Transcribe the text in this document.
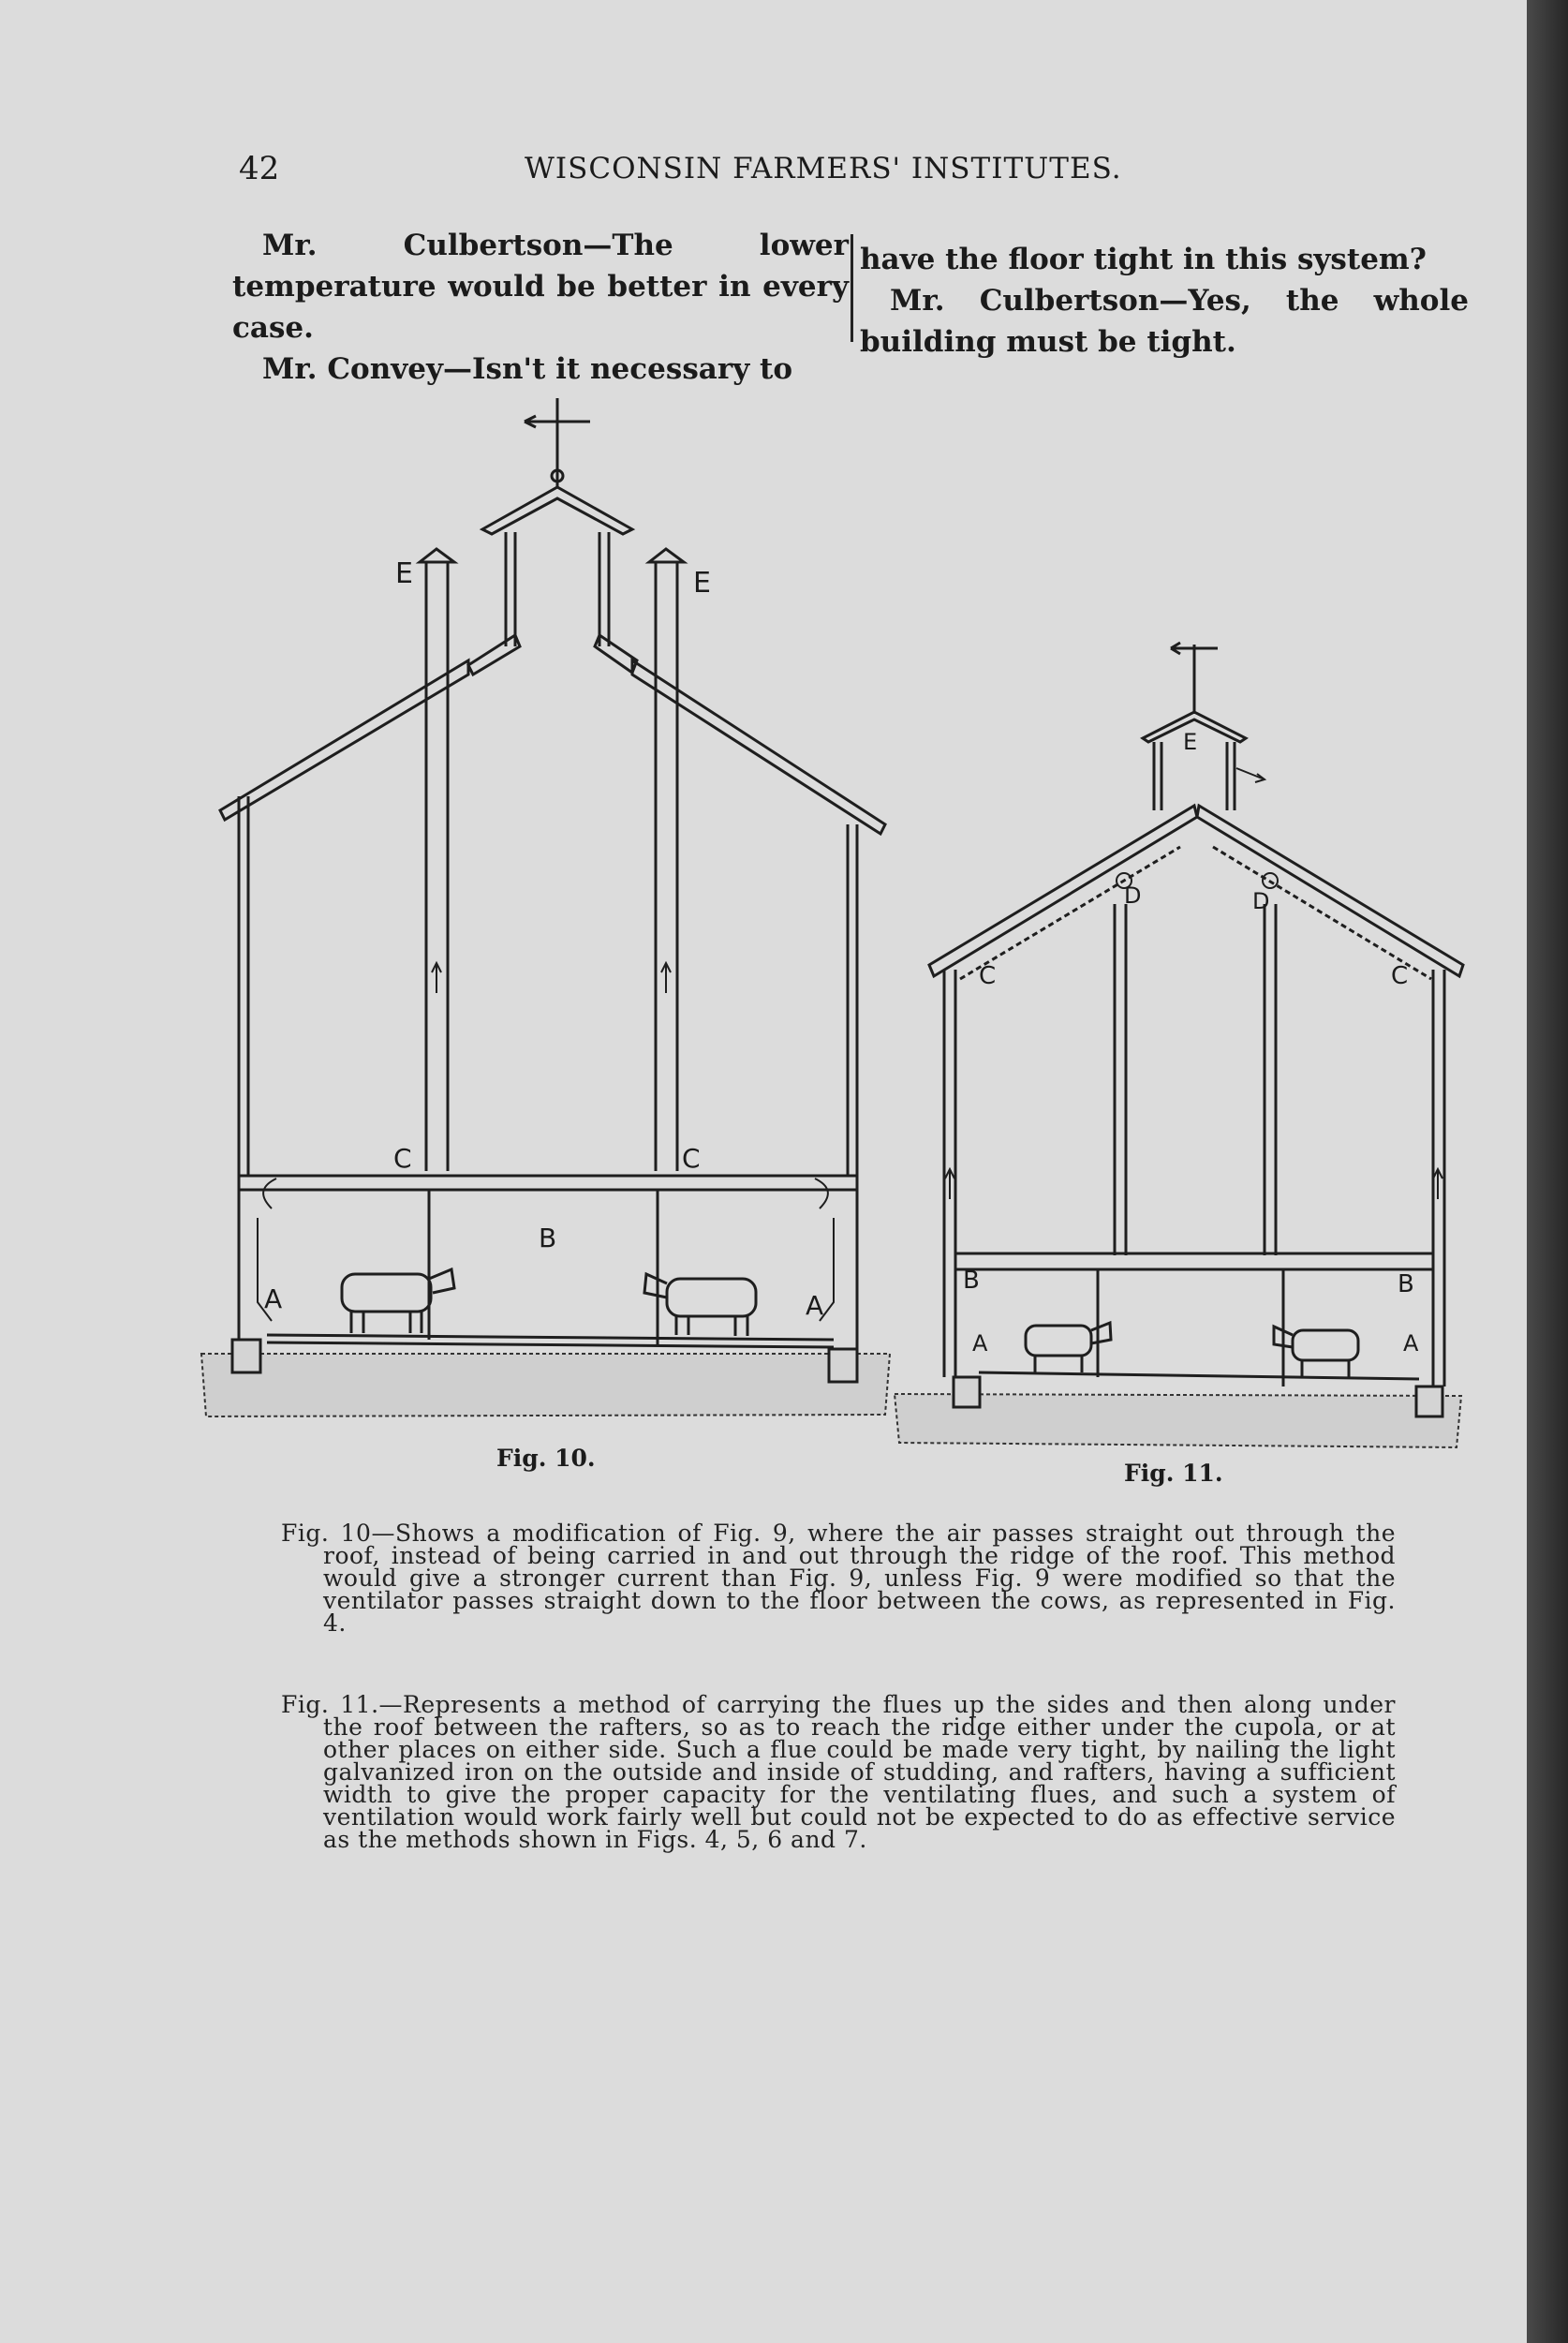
42	WISCONSIN FARMERS' INSTITUTES.

Mr. Culbertson—The lower temperature would be better in every case.

Mr. Convey—Isn't it necessary to

have the floor tight in this system?

Mr. Culbertson—Yes, the whole building must be tight.

E	E
C	C
B
A	A
E
D	D
C	C
B	B
A	A
Fig. 10.
Fig. 11.

Fig. 10—Shows a modification of Fig. 9, where the air passes straight out through the roof, instead of being carried in and out through the ridge of the roof. This method would give a stronger current than Fig. 9, unless Fig. 9 were modified so that the ventilator passes straight down to the floor between the cows, as represented in Fig. 4.

Fig. 11.—Represents a method of carrying the flues up the sides and then along under the roof between the rafters, so as to reach the ridge either under the cupola, or at other places on either side. Such a flue could be made very tight, by nailing the light galvanized iron on the outside and inside of studding, and rafters, having a sufficient width to give the proper capacity for the ventilating flues, and such a system of ventilation would work fairly well but could not be expected to do as effective service as the methods shown in Figs. 4, 5, 6 and 7.
